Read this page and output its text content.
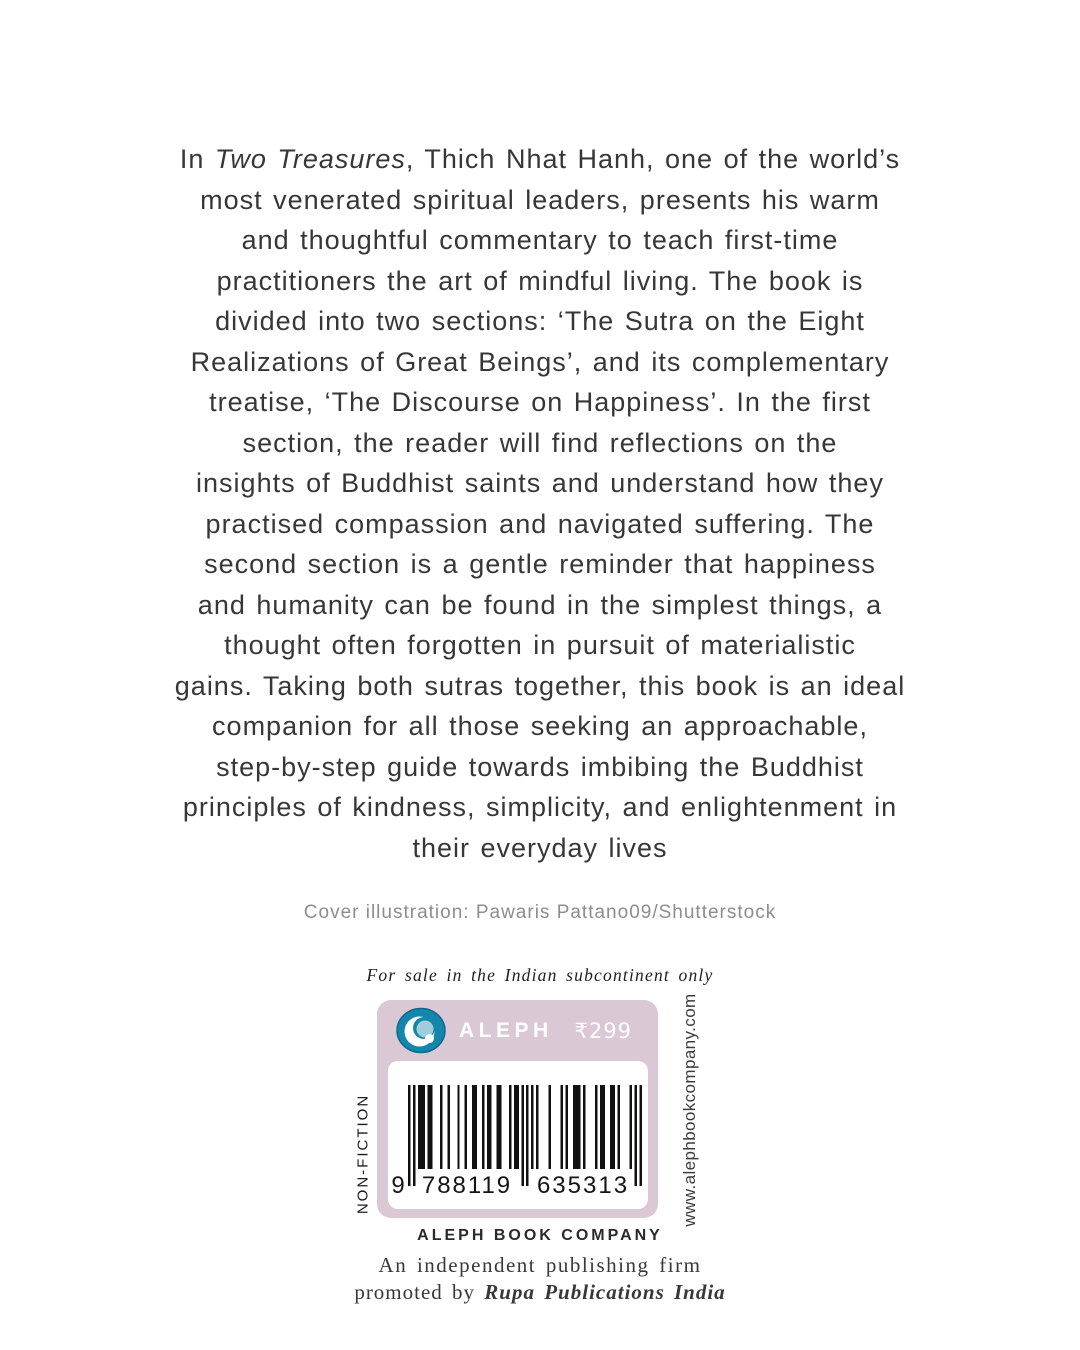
In Two Treasures, Thich Nhat Hanh, one of the world’s
most venerated spiritual leaders, presents his warm
and thoughtful commentary to teach first-time
practitioners the art of mindful living. The book is
divided into two sections: ‘The Sutra on the Eight
Realizations of Great Beings’, and its complementary
treatise, ‘The Discourse on Happiness’. In the first
section, the reader will find reflections on the
insights of Buddhist saints and understand how they
practised compassion and navigated suffering. The
second section is a gentle reminder that happiness
and humanity can be found in the simplest things, a
thought often forgotten in pursuit of materialistic
gains. Taking both sutras together, this book is an ideal
companion for all those seeking an approachable,
step-by-step guide towards imbibing the Buddhist
principles of kindness, simplicity, and enlightenment in
their everyday lives
Cover illustration: Pawaris Pattano09/Shutterstock
For sale in the Indian subcontinent only
ALEPH ₹299
9 788119 635313
NON-FICTION	www.alephbookcompany.com
ALEPH BOOK COMPANY
An independent publishing firm
promoted by Rupa Publications India
